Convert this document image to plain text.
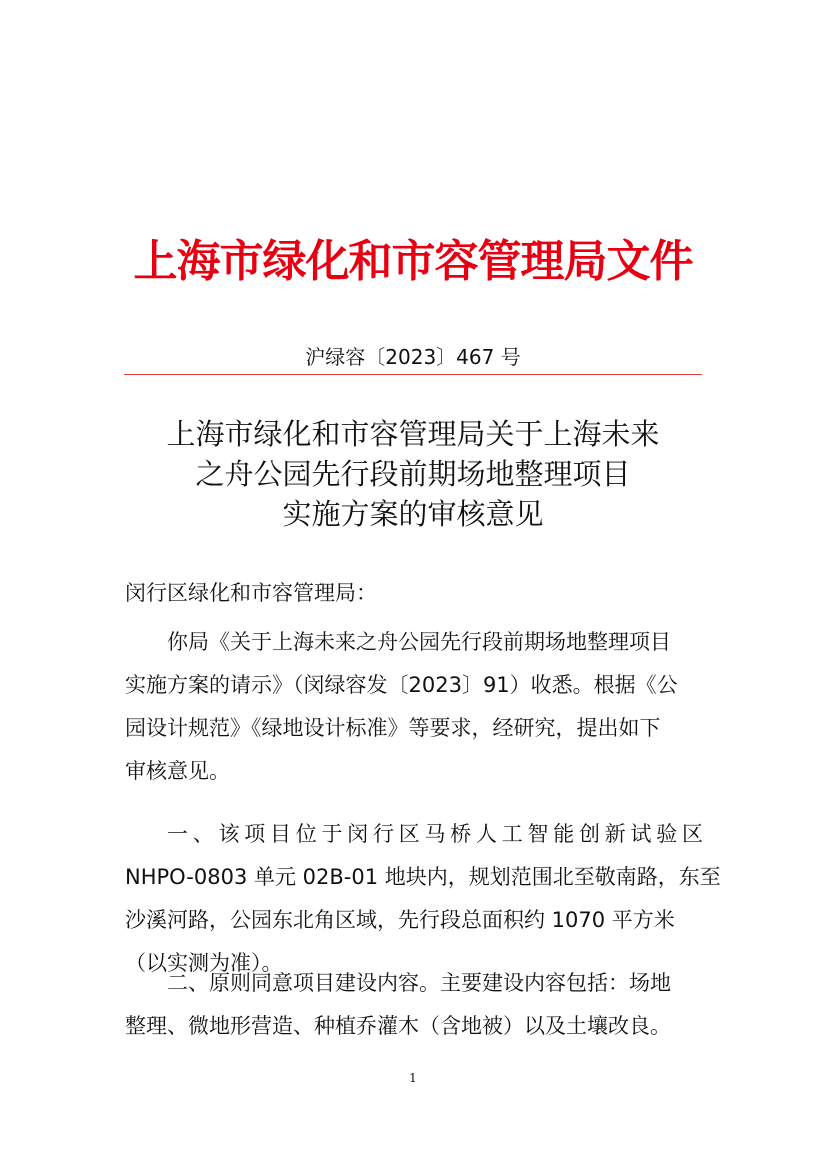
上海市绿化和市容管理局文件
沪绿容〔2023〕467 号
上海市绿化和市容管理局关于上海未来
之舟公园先行段前期场地整理项目
实施方案的审核意见
闵行区绿化和市容管理局：
你局《关于上海未来之舟公园先行段前期场地整理项目
实施方案的请示》（闵绿容发〔2023〕91）收悉。根据《公
园设计规范》《绿地设计标准》等要求，经研究，提出如下
审核意见。
一、该项目位于闵行区马桥人工智能创新试验区
NHPO-0803 单元 02B-01 地块内，规划范围北至敬南路，东至
沙溪河路，公园东北角区域，先行段总面积约 1070 平方米
（以实测为准）。
二、原则同意项目建设内容。主要建设内容包括：场地
整理、微地形营造、种植乔灌木（含地被）以及土壤改良。
1
